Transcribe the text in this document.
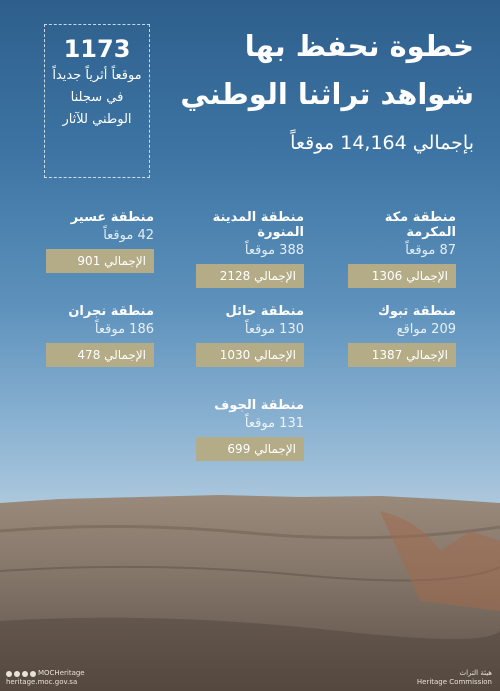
خطوة نحفظ بها
شواهد تراثنا الوطني
بإجمالي 14,164 موقعاً
1173
موقعاً أثرياً جديداً في سجلنا الوطني للآثار
منطقة مكة المكرمة
87 موقعاً
الإجمالي 1306
منطقة المدينة المنورة
388 موقعاً
الإجمالي 2128
منطقة عسير
42 موقعاً
الإجمالي 901
منطقة تبوك
209 مواقع
الإجمالي 1387
منطقة حائل
130 موقعاً
الإجمالي 1030
منطقة نجران
186 موقعاً
الإجمالي 478
منطقة الجوف
131 موقعاً
الإجمالي 699
MOCHeritage
heritage.moc.gov.sa
هيئة التراث
Heritage Commission
